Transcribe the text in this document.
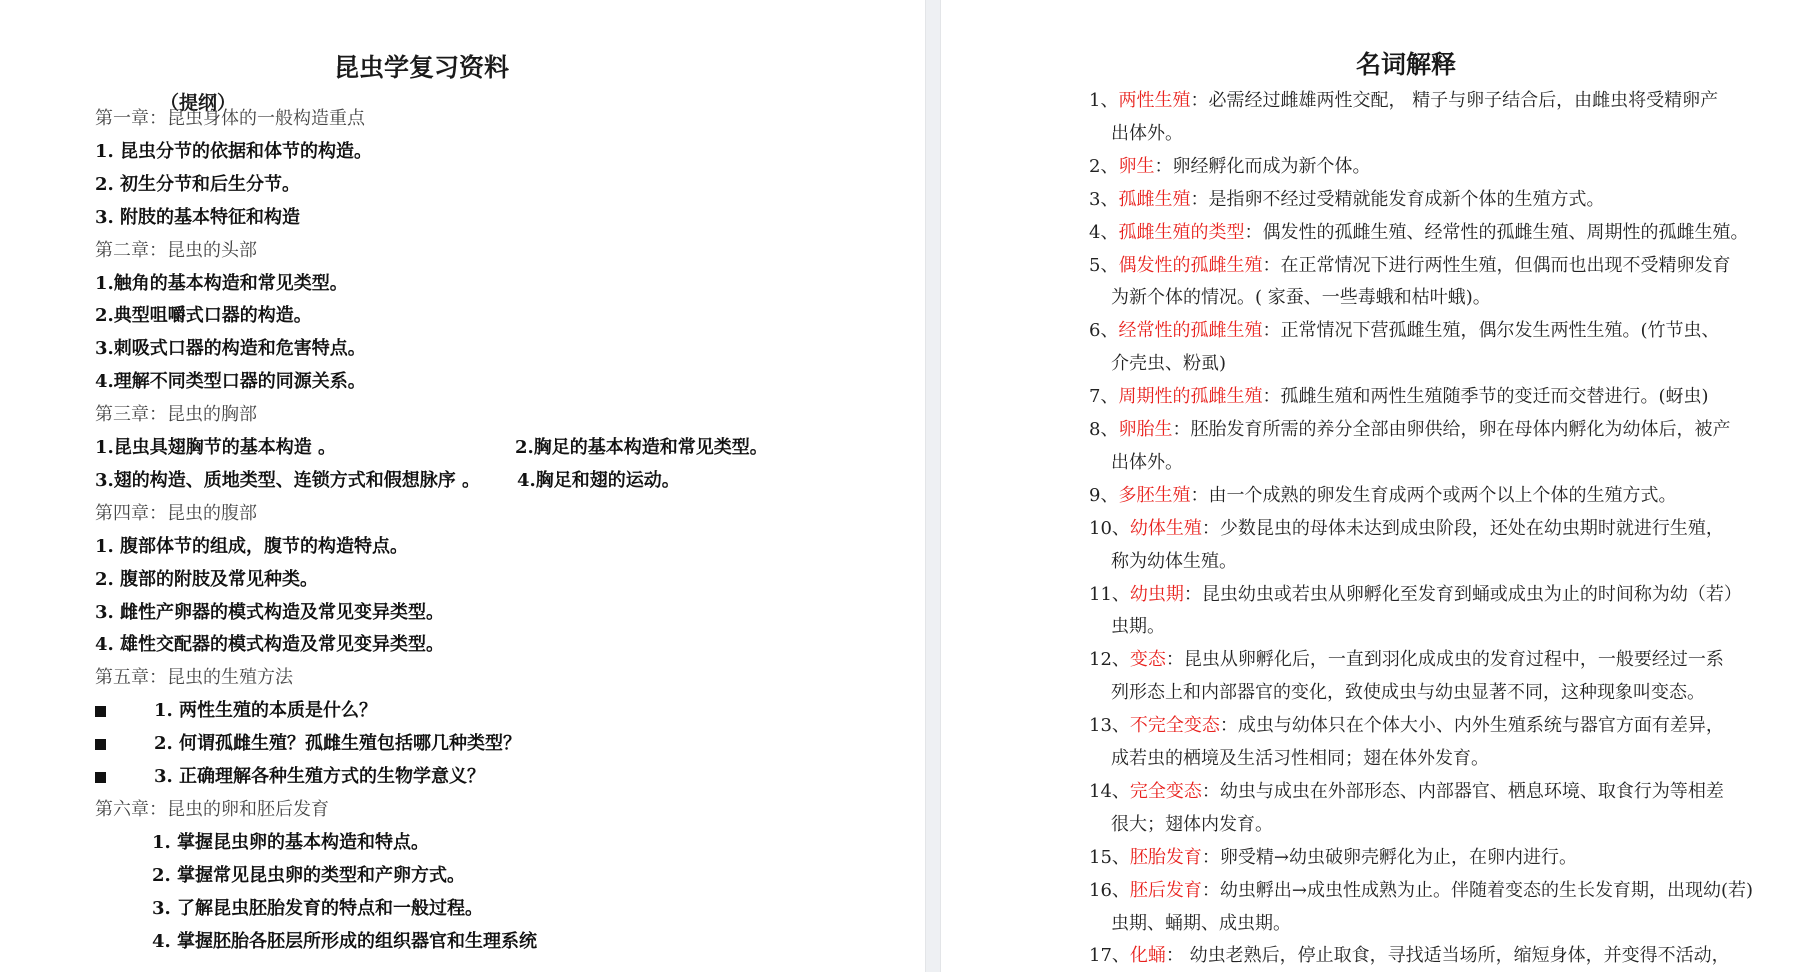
昆虫学复习资料
（提纲）
名词解释
第一章：昆虫身体的一般构造重点
1. 昆虫分节的依据和体节的构造。
2. 初生分节和后生分节。
3. 附肢的基本特征和构造
第二章：昆虫的头部
1.触角的基本构造和常见类型。
2.典型咀嚼式口器的构造。
3.刺吸式口器的构造和危害特点。
4.理解不同类型口器的同源关系。
第三章：昆虫的胸部
1.昆虫具翅胸节的基本构造 。	2.胸足的基本构造和常见类型。
3.翅的构造、质地类型、连锁方式和假想脉序 。 4.胸足和翅的运动。
第四章：昆虫的腹部
1. 腹部体节的组成，腹节的构造特点。
2. 腹部的附肢及常见种类。
3. 雌性产卵器的模式构造及常见变异类型。
4. 雄性交配器的模式构造及常见变异类型。
第五章：昆虫的生殖方法
1. 两性生殖的本质是什么？
2. 何谓孤雌生殖？孤雌生殖包括哪几种类型？
3. 正确理解各种生殖方式的生物学意义？
第六章：昆虫的卵和胚后发育
1. 掌握昆虫卵的基本构造和特点。
2. 掌握常见昆虫卵的类型和产卵方式。
3. 了解昆虫胚胎发育的特点和一般过程。
4. 掌握胚胎各胚层所形成的组织器官和生理系统
1、两性生殖：必需经过雌雄两性交配， 精子与卵子结合后，由雌虫将受精卵产
出体外。
2、卵生：卵经孵化而成为新个体。
3、孤雌生殖：是指卵不经过受精就能发育成新个体的生殖方式。
4、孤雌生殖的类型：偶发性的孤雌生殖、经常性的孤雌生殖、周期性的孤雌生殖。
5、偶发性的孤雌生殖：在正常情况下进行两性生殖，但偶而也出现不受精卵发育
为新个体的情况。( 家蚕、一些毒蛾和枯叶蛾)。
6、经常性的孤雌生殖：正常情况下营孤雌生殖，偶尔发生两性生殖。(竹节虫、
介壳虫、粉虱)
7、周期性的孤雌生殖：孤雌生殖和两性生殖随季节的变迁而交替进行。(蚜虫)
8、卵胎生：胚胎发育所需的养分全部由卵供给，卵在母体内孵化为幼体后，被产
出体外。
9、多胚生殖：由一个成熟的卵发生育成两个或两个以上个体的生殖方式。
10、幼体生殖：少数昆虫的母体未达到成虫阶段，还处在幼虫期时就进行生殖，
称为幼体生殖。
11、幼虫期：昆虫幼虫或若虫从卵孵化至发育到蛹或成虫为止的时间称为幼（若）
虫期。
12、变态：昆虫从卵孵化后，一直到羽化成成虫的发育过程中，一般要经过一系
列形态上和内部器官的变化，致使成虫与幼虫显著不同，这种现象叫变态。
13、不完全变态：成虫与幼体只在个体大小、内外生殖系统与器官方面有差异，
成若虫的栖境及生活习性相同；翅在体外发育。
14、完全变态：幼虫与成虫在外部形态、内部器官、栖息环境、取食行为等相差
很大；翅体内发育。
15、胚胎发育：卵受精→幼虫破卵壳孵化为止，在卵内进行。
16、胚后发育：幼虫孵出→成虫性成熟为止。伴随着变态的生长发育期，出现幼(若)
虫期、蛹期、成虫期。
17、化蛹： 幼虫老熟后，停止取食，寻找适当场所，缩短身体，并变得不活动，
